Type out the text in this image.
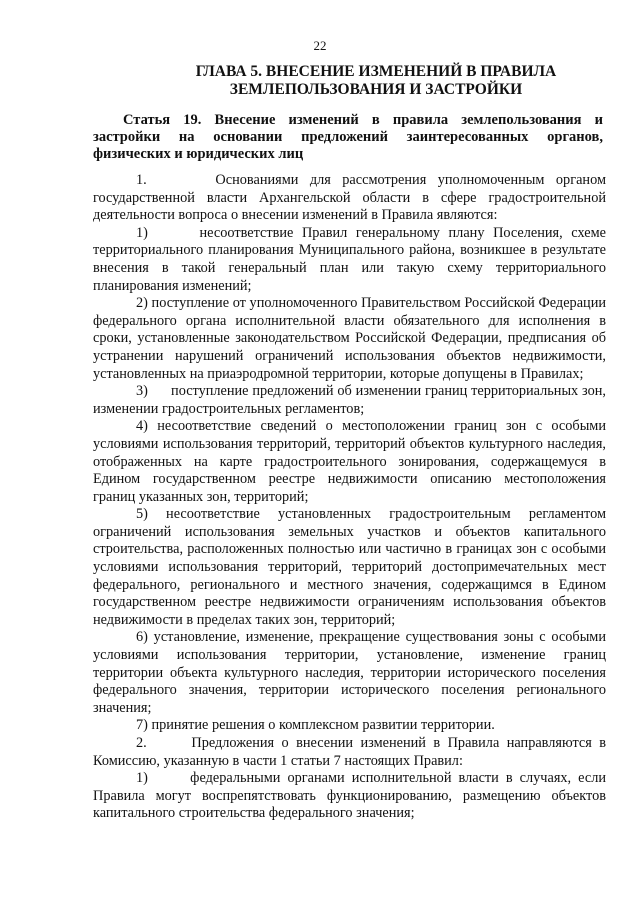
22
ГЛАВА 5. ВНЕСЕНИЕ ИЗМЕНЕНИЙ В ПРАВИЛА ЗЕМЛЕПОЛЬЗОВАНИЯ И ЗАСТРОЙКИ
Статья 19. Внесение изменений в правила землепользования и застройки на основании предложений заинтересованных органов, физических и юридических лиц

1.      Основаниями для рассмотрения уполномоченным органом государственной власти Архангельской области в сфере градостроительной деятельности вопроса о внесении изменений в Правила являются:

1)      несоответствие Правил генеральному плану Поселения, схеме территориального планирования Муниципального района, возникшее в результате внесения в такой генеральный план или такую схему территориального планирования изменений;

2) поступление от уполномоченного Правительством Российской Федерации федерального органа исполнительной власти обязательного для исполнения в сроки, установленные законодательством Российской Федерации, предписания об устранении нарушений ограничений использования объектов недвижимости, установленных на приаэродромной территории, которые допущены в Правилах;

3)      поступление предложений об изменении границ территориальных зон, изменении градостроительных регламентов;

4) несоответствие сведений о местоположении границ зон с особыми условиями использования территорий, территорий объектов культурного наследия, отображенных на карте градостроительного зонирования, содержащемуся в Едином государственном реестре недвижимости описанию местоположения границ указанных зон, территорий;

5) несоответствие установленных градостроительным регламентом ограничений использования земельных участков и объектов капитального строительства, расположенных полностью или частично в границах зон с особыми условиями использования территорий, территорий достопримечательных мест федерального, регионального и местного значения, содержащимся в Едином государственном реестре недвижимости ограничениям использования объектов недвижимости в пределах таких зон, территорий;

6) установление, изменение, прекращение существования зоны с особыми условиями использования территории, установление, изменение границ территории объекта культурного наследия, территории исторического поселения федерального значения, территории исторического поселения регионального значения;

7) принятие решения о комплексном развитии территории.

2.      Предложения о внесении изменений в Правила направляются в Комиссию, указанную в части 1 статьи 7 настоящих Правил:

1)      федеральными органами исполнительной власти в случаях, если Правила могут воспрепятствовать функционированию, размещению объектов капитального строительства федерального значения;
